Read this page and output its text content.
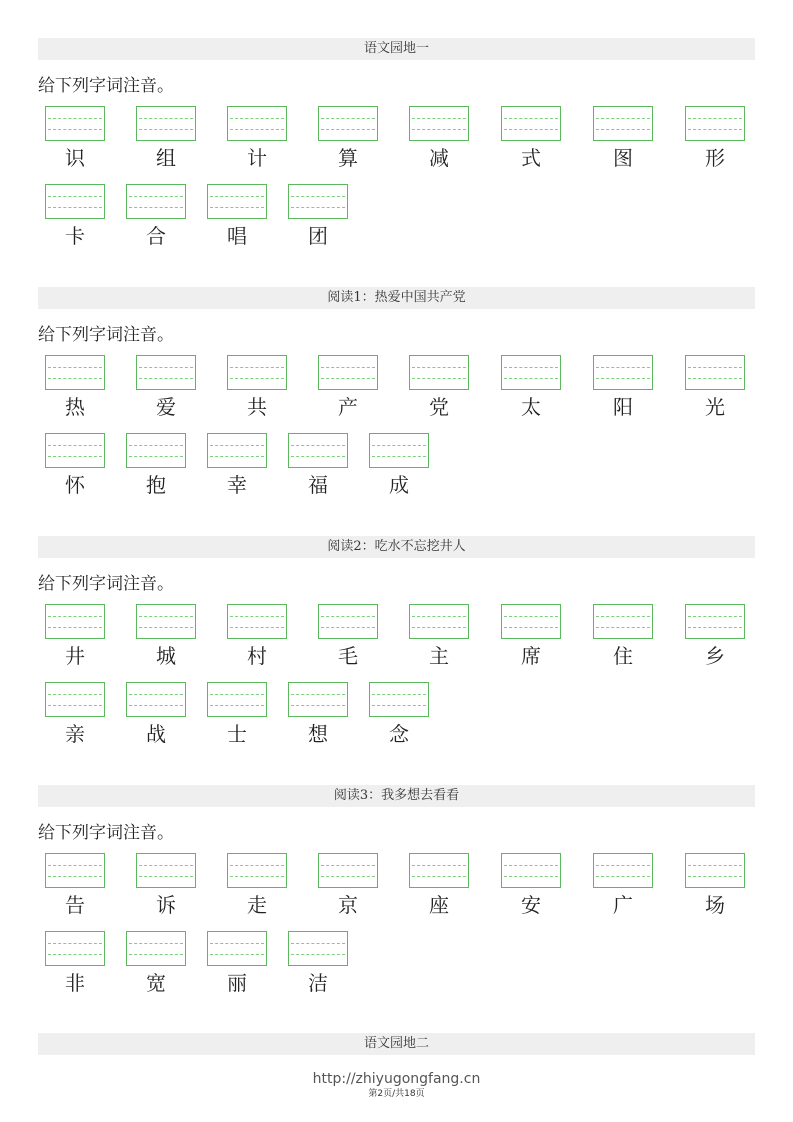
语文园地一
给下列字词注音。
识	组	计	算	减	式	图	形
卡	合	唱	团
阅读1：热爱中国共产党
给下列字词注音。
热	爱	共	产	党	太	阳	光
怀	抱	幸	福	成
阅读2：吃水不忘挖井人
给下列字词注音。
井	城	村	毛	主	席	住	乡
亲	战	士	想	念
阅读3：我多想去看看
给下列字词注音。
告	诉	走	京	座	安	广	场
非	宽	丽	洁
语文园地二
http://zhiyugongfang.cn
第2页/共18页
